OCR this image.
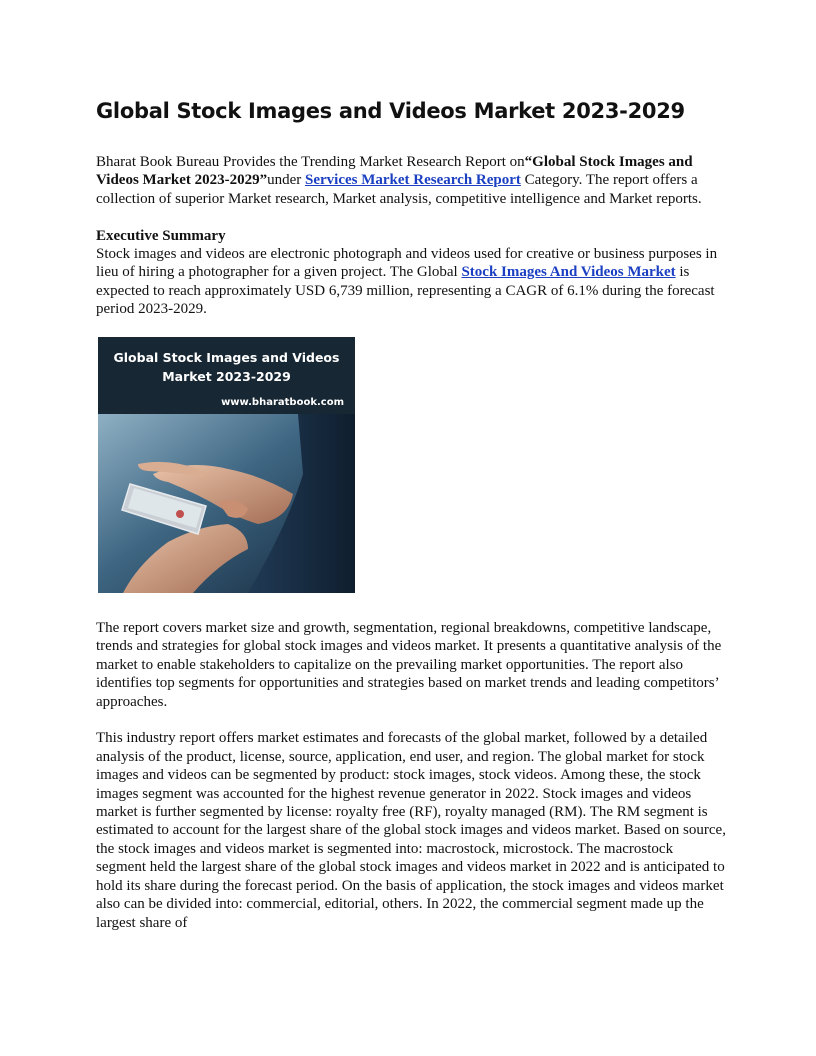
Global Stock Images and Videos Market 2023-2029

Bharat Book Bureau Provides the Trending Market Research Report on“Global Stock Images and Videos Market 2023-2029”under Services Market Research Report Category. The report offers a collection of superior Market research, Market analysis, competitive intelligence and Market reports.

Executive Summary
Stock images and videos are electronic photograph and videos used for creative or business purposes in lieu of hiring a photographer for a given project. The Global Stock Images And Videos Market is expected to reach approximately USD 6,739 million, representing a CAGR of 6.1% during the forecast period 2023-2029.

Global Stock Images and Videos Market 2023-2029
www.bharatbook.com

The report covers market size and growth, segmentation, regional breakdowns, competitive landscape, trends and strategies for global stock images and videos market. It presents a quantitative analysis of the market to enable stakeholders to capitalize on the prevailing market opportunities. The report also identifies top segments for opportunities and strategies based on market trends and leading competitors’ approaches.

This industry report offers market estimates and forecasts of the global market, followed by a detailed analysis of the product, license, source, application, end user, and region. The global market for stock images and videos can be segmented by product: stock images, stock videos. Among these, the stock images segment was accounted for the highest revenue generator in 2022. Stock images and videos market is further segmented by license: royalty free (RF), royalty managed (RM). The RM segment is estimated to account for the largest share of the global stock images and videos market. Based on source, the stock images and videos market is segmented into: macrostock, microstock. The macrostock segment held the largest share of the global stock images and videos market in 2022 and is anticipated to hold its share during the forecast period. On the basis of application, the stock images and videos market also can be divided into: commercial, editorial, others. In 2022, the commercial segment made up the largest share of
